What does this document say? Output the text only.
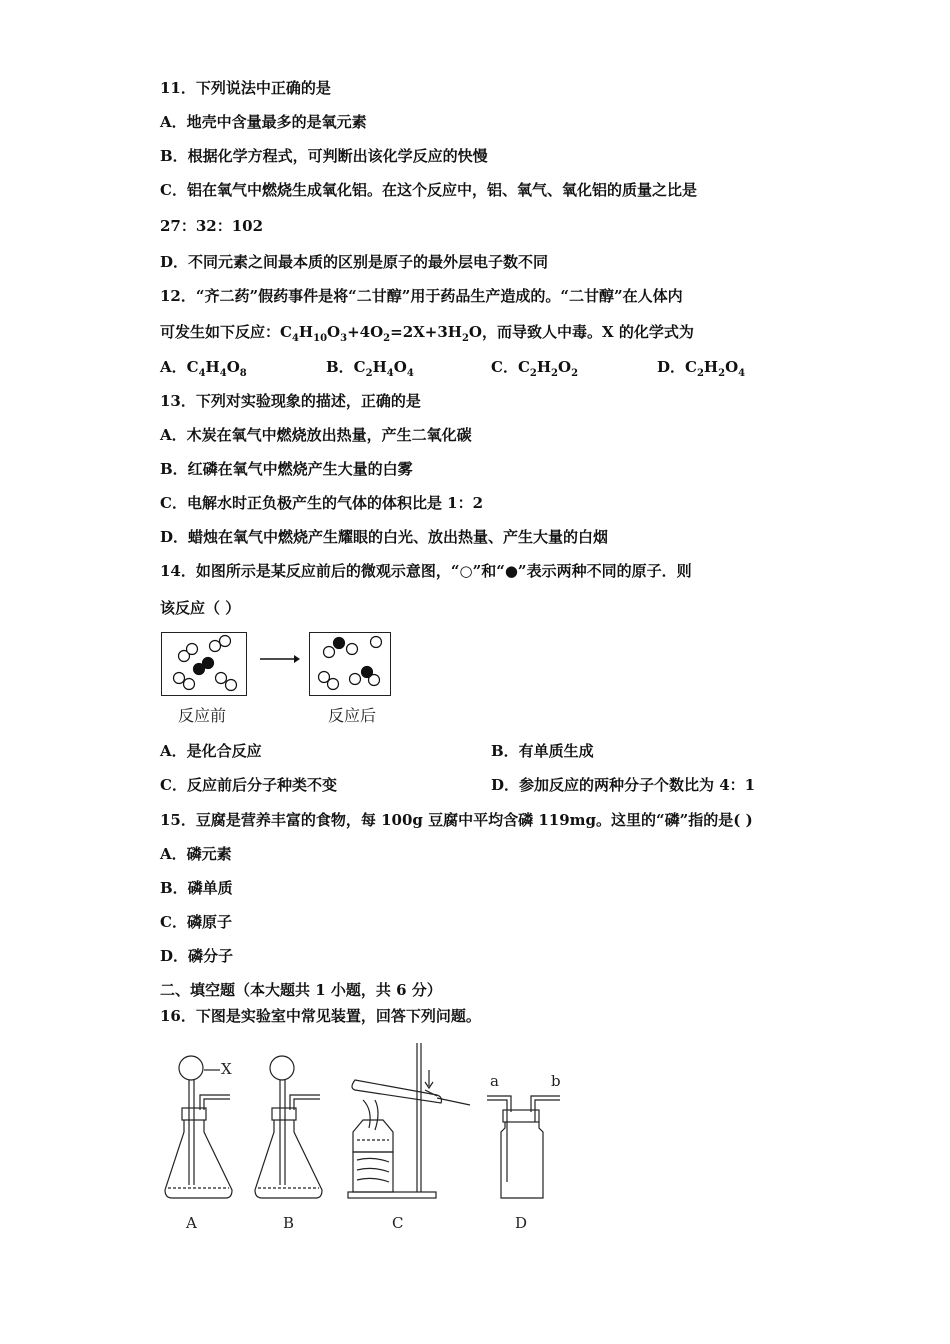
11．下列说法中正确的是
A．地壳中含量最多的是氧元素
B．根据化学方程式，可判断出该化学反应的快慢
C．铝在氧气中燃烧生成氧化铝。在这个反应中，铝、氧气、氧化铝的质量之比是
27：32：102
D．不同元素之间最本质的区别是原子的最外层电子数不同
12．“齐二药”假药事件是将“二甘醇”用于药品生产造成的。“二甘醇”在人体内
可发生如下反应：$C_4H_{10}O_3+4O_2=2X+3H_2O$，而导致人中毒。X 的化学式为
A．$C_4H_4O_8$	B．$C_2H_4O_4$	C．$C_2H_2O_2$	D．$C_2H_2O_4$
13．下列对实验现象的描述，正确的是
A．木炭在氧气中燃烧放出热量，产生二氧化碳
B．红磷在氧气中燃烧产生大量的白雾
C．电解水时正负极产生的气体的体积比是 1：2
D．蜡烛在氧气中燃烧产生耀眼的白光、放出热量、产生大量的白烟
14．如图所示是某反应前后的微观示意图，“○”和“●”表示两种不同的原子．则
该反应（ ）
反应前	反应后
A．是化合反应	B．有单质生成
C．反应前后分子种类不变	D．参加反应的两种分子个数比为 4：1
15．豆腐是营养丰富的食物，每 100g 豆腐中平均含磷 119mg。这里的“磷”指的是( )
A．磷元素
B．磷单质
C．磷原子
D．磷分子
二、填空题（本大题共 1 小题，共 6 分）
16．下图是实验室中常见装置，回答下列问题。
X
A	B	C
a	b
D
